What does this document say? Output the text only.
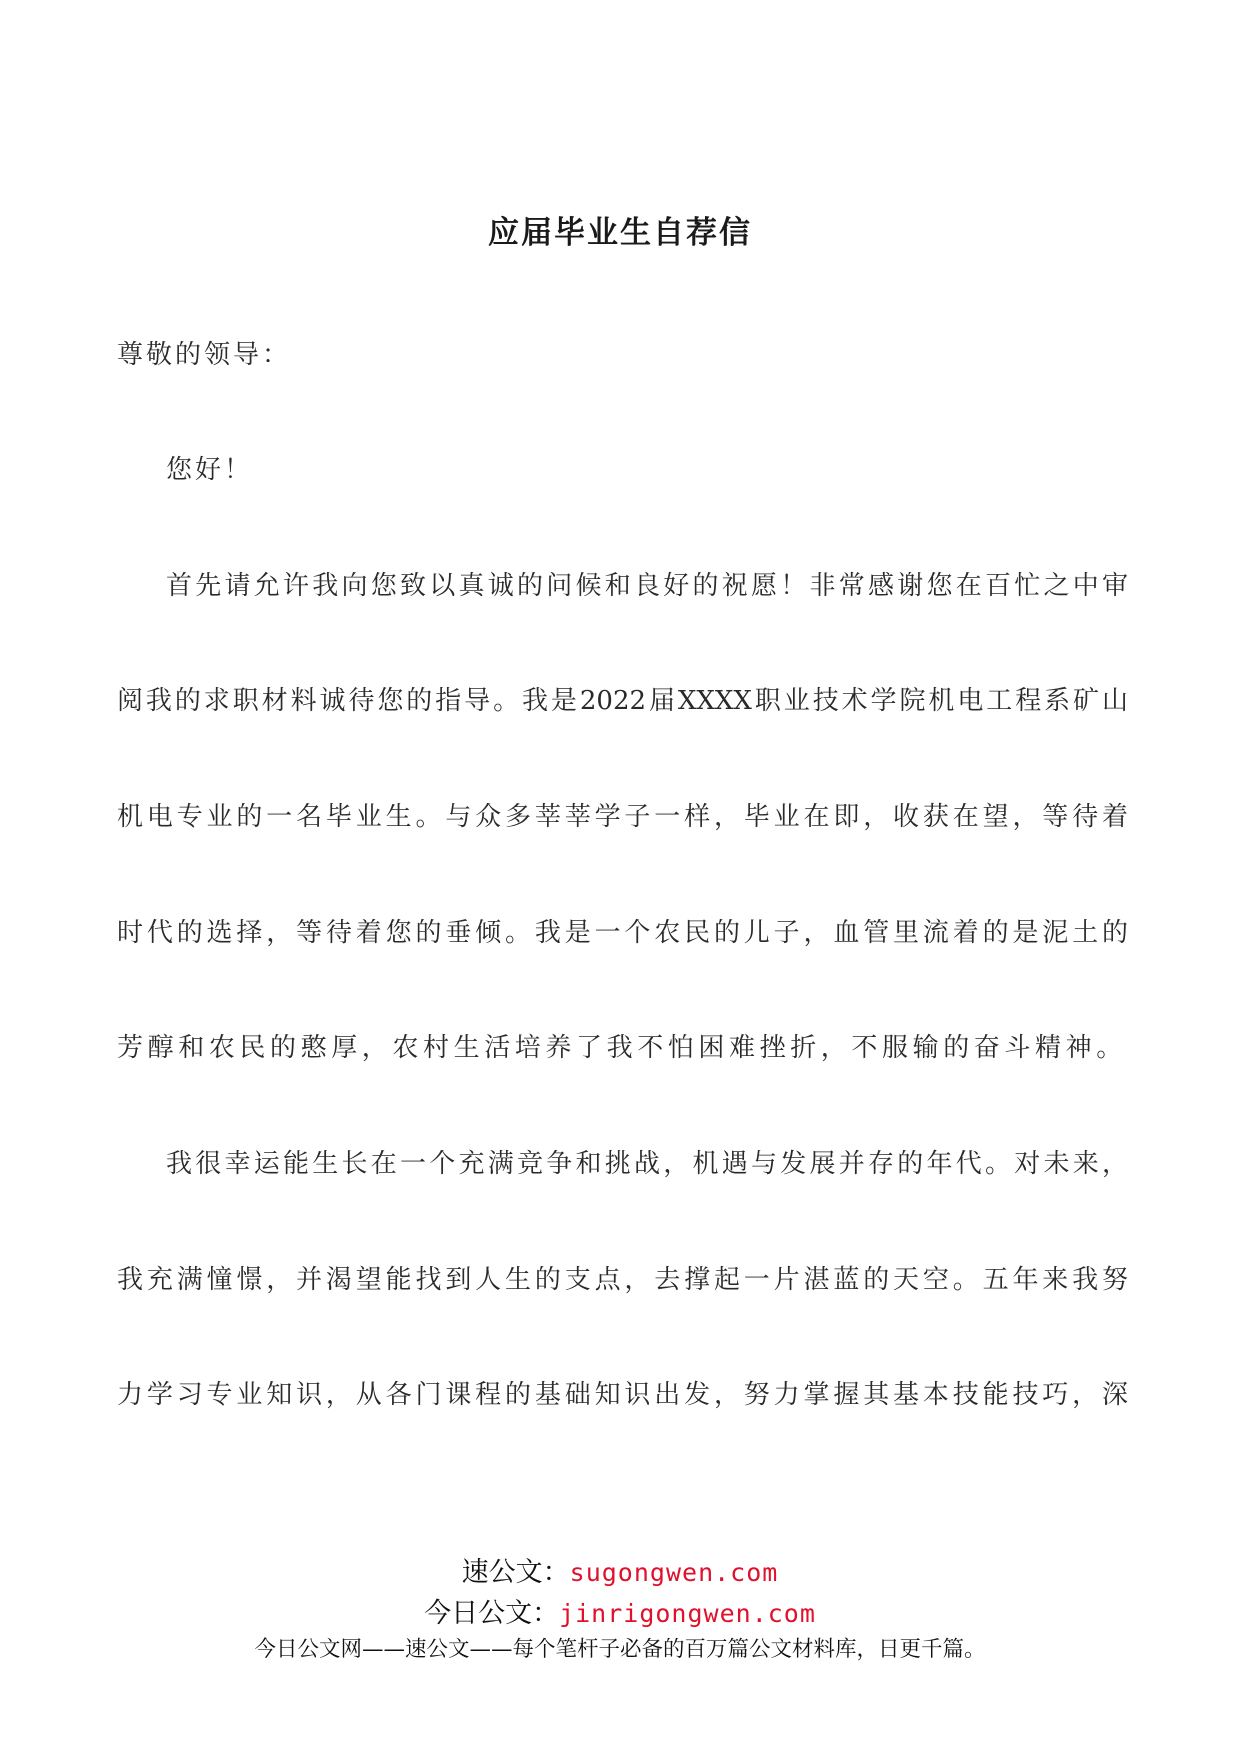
应届毕业生自荐信
尊敬的领导：
您好！
首先请允许我向您致以真诚的问候和良好的祝愿！非常感谢您在百忙之中审
阅我的求职材料诚待您的指导。我是2022届XXXX职业技术学院机电工程系矿山
机电专业的一名毕业生。与众多莘莘学子一样，毕业在即，收获在望，等待着
时代的选择，等待着您的垂倾。我是一个农民的儿子，血管里流着的是泥土的
芳醇和农民的憨厚，农村生活培养了我不怕困难挫折，不服输的奋斗精神。
我很幸运能生长在一个充满竞争和挑战，机遇与发展并存的年代。对未来，
我充满憧憬，并渴望能找到人生的支点，去撑起一片湛蓝的天空。五年来我努
力学习专业知识，从各门课程的基础知识出发，努力掌握其基本技能技巧，深
速公文：sugongwen.com
今日公文：jinrigongwen.com
今日公文网——速公文——每个笔杆子必备的百万篇公文材料库，日更千篇。
